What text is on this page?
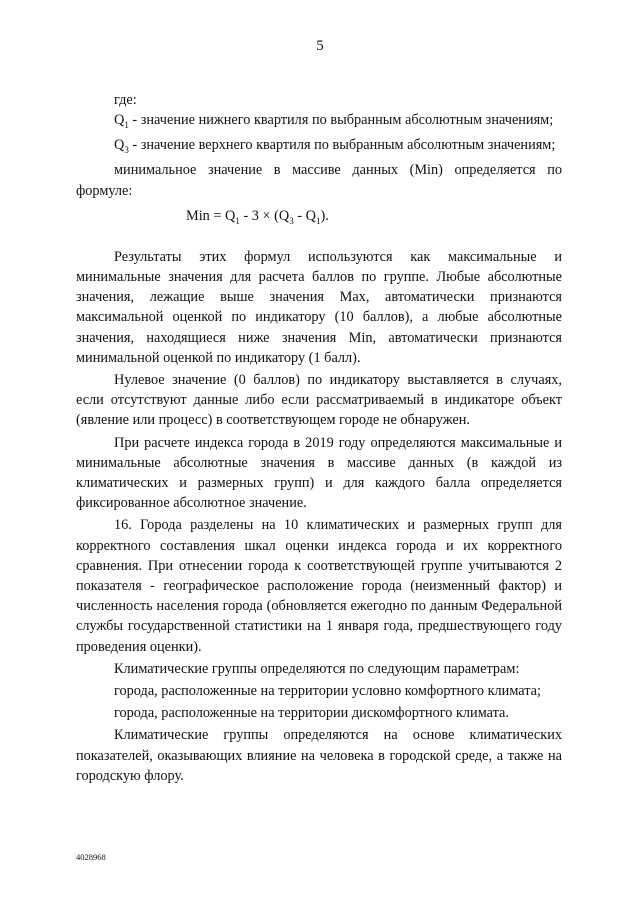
5

где:

$Q_1$ - значение нижнего квартиля по выбранным абсолютным значениям;

$Q_3$ - значение верхнего квартиля по выбранным абсолютным значениям;

минимальное значение в массиве данных (Min) определяется по формуле:

Min = $Q_1 - 3 \times (Q_3 - Q_1)$.

Результаты этих формул используются как максимальные и минимальные значения для расчета баллов по группе. Любые абсолютные значения, лежащие выше значения Max, автоматически признаются максимальной оценкой по индикатору (10 баллов), а любые абсолютные значения, находящиеся ниже значения Min, автоматически признаются минимальной оценкой по индикатору (1 балл).

Нулевое значение (0 баллов) по индикатору выставляется в случаях, если отсутствуют данные либо если рассматриваемый в индикаторе объект (явление или процесс) в соответствующем городе не обнаружен.

При расчете индекса города в 2019 году определяются максимальные и минимальные абсолютные значения в массиве данных (в каждой из климатических и размерных групп) и для каждого балла определяется фиксированное абсолютное значение.

16. Города разделены на 10 климатических и размерных групп для корректного составления шкал оценки индекса города и их корректного сравнения. При отнесении города к соответствующей группе учитываются 2 показателя - географическое расположение города (неизменный фактор) и численность населения города (обновляется ежегодно по данным Федеральной службы государственной статистики на 1 января года, предшествующего году проведения оценки).

Климатические группы определяются по следующим параметрам:

города, расположенные на территории условно комфортного климата;

города, расположенные на территории дискомфортного климата.

Климатические группы определяются на основе климатических показателей, оказывающих влияние на человека в городской среде, а также на городскую флору.

4028968
